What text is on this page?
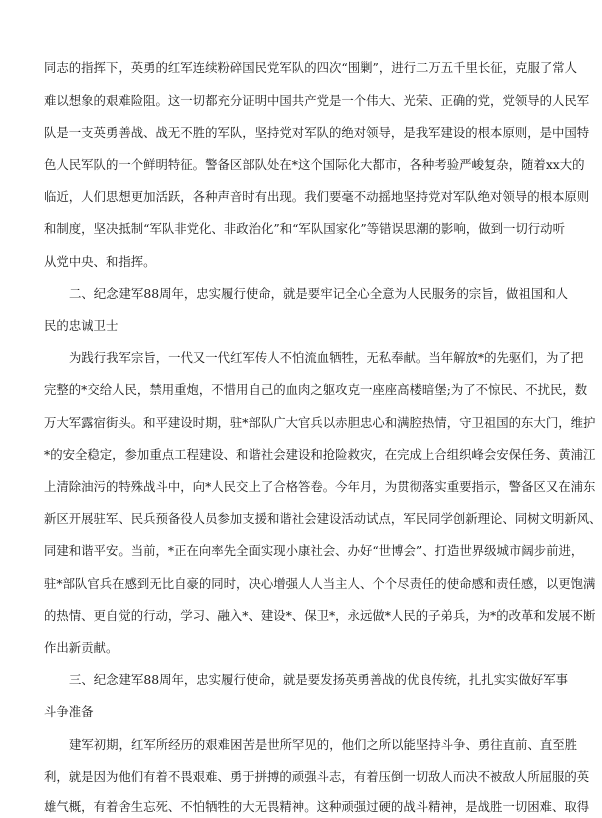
同志的指挥下，英勇的红军连续粉碎国民党军队的四次“围剿”，进行二万五千里长征，克服了常人
难以想象的艰难险阻。这一切都充分证明中国共产党是一个伟大、光荣、正确的党，党领导的人民军
队是一支英勇善战、战无不胜的军队，坚持党对军队的绝对领导，是我军建设的根本原则，是中国特
色人民军队的一个鲜明特征。警备区部队处在*这个国际化大都市，各种考验严峻复杂，随着xx大的
临近，人们思想更加活跃，各种声音时有出现。我们要毫不动摇地坚持党对军队绝对领导的根本原则
和制度，坚决抵制“军队非党化、非政治化”和“军队国家化”等错误思潮的影响，做到一切行动听
从党中央、和指挥。
二、纪念建军88周年，忠实履行使命，就是要牢记全心全意为人民服务的宗旨，做祖国和人
民的忠诚卫士
为践行我军宗旨，一代又一代红军传人不怕流血牺牲，无私奉献。当年解放*的先驱们，为了把
完整的*交给人民，禁用重炮，不惜用自己的血肉之躯攻克一座座高楼暗堡;为了不惊民、不扰民，数
万大军露宿街头。和平建设时期，驻*部队广大官兵以赤胆忠心和满腔热情，守卫祖国的东大门，维护
*的安全稳定，参加重点工程建设、和谐社会建设和抢险救灾，在完成上合组织峰会安保任务、黄浦江
上清除油污的特殊战斗中，向*人民交上了合格答卷。今年月，为贯彻落实重要指示，警备区又在浦东
新区开展驻军、民兵预备役人员参加支援和谐社会建设活动试点，军民同学创新理论、同树文明新风、
同建和谐平安。当前，*正在向率先全面实现小康社会、办好“世博会”、打造世界级城市阔步前进，
驻*部队官兵在感到无比自豪的同时，决心增强人人当主人、个个尽责任的使命感和责任感，以更饱满
的热情、更自觉的行动，学习、融入*、建设*、保卫*，永远做*人民的子弟兵，为*的改革和发展不断
作出新贡献。
三、纪念建军88周年，忠实履行使命，就是要发扬英勇善战的优良传统，扎扎实实做好军事
斗争准备
建军初期，红军所经历的艰难困苦是世所罕见的，他们之所以能坚持斗争、勇往直前、直至胜
利，就是因为他们有着不畏艰难、勇于拼搏的顽强斗志，有着压倒一切敌人而决不被敌人所屈服的英
雄气概，有着舍生忘死、不怕牺牲的大无畏精神。这种顽强过硬的战斗精神，是战胜一切困难、取得
